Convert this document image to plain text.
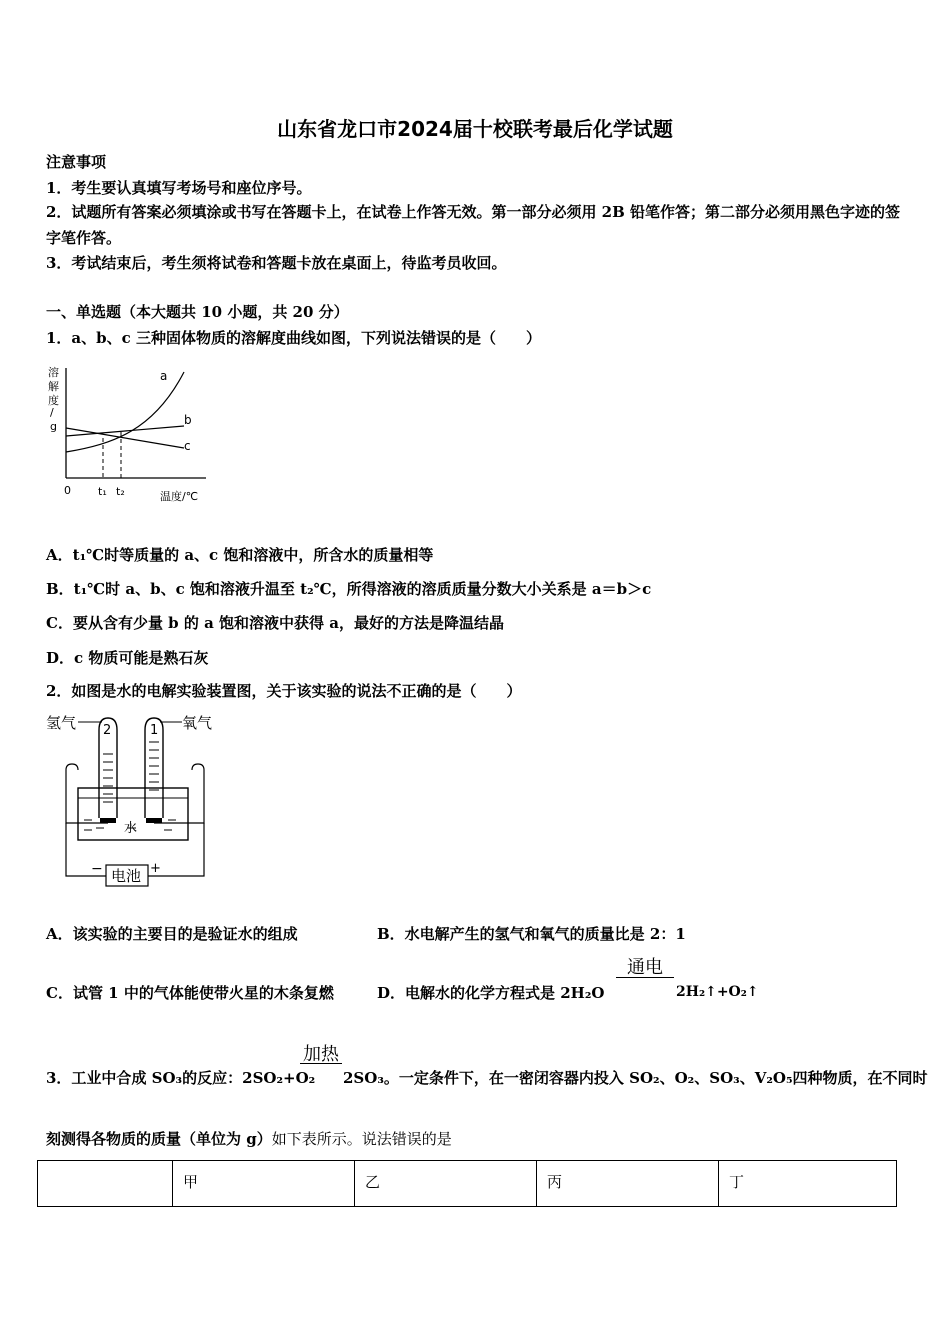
山东省龙口市2024届十校联考最后化学试题
注意事项
1．考生要认真填写考场号和座位序号。
2．试题所有答案必须填涂或书写在答题卡上，在试卷上作答无效。第一部分必须用 2B 铅笔作答；第二部分必须用黑色字迹的签字笔作答。
3．考试结束后，考生须将试卷和答题卡放在桌面上，待监考员收回。
一、单选题（本大题共 10 小题，共 20 分）
1．a、b、c 三种固体物质的溶解度曲线如图，下列说法错误的是（　　）
溶
解
度
/
g
a
b
c
0 t₁ t₂	温度/℃
A．t₁℃时等质量的 a、c 饱和溶液中，所含水的质量相等
B．t₁℃时 a、b、c 饱和溶液升温至 t₂℃，所得溶液的溶质质量分数大小关系是 a＝b＞c
C．要从含有少量 b 的 a 饱和溶液中获得 a，最好的方法是降温结晶
D．c 物质可能是熟石灰
2．如图是水的电解实验装置图，关于该实验的说法不正确的是（　　）
氢气	氧气
2	1
水
电池
−	+
A．该实验的主要目的是验证水的组成	B．水电解产生的氢气和氧气的质量比是 2：1
C．试管 1 中的气体能使带火星的木条复燃	D．电解水的化学方程式是 2H₂O
通电
2H₂↑+O₂↑
3．工业中合成 SO₃的反应：2SO₂+O₂
加热
2SO₃。一定条件下，在一密闭容器内投入 SO₂、O₂、SO₃、V₂O₅四种物质，在不同时
刻测得各物质的质量（单位为 g）如下表所示。说法错误的是
	甲	乙	丙	丁
